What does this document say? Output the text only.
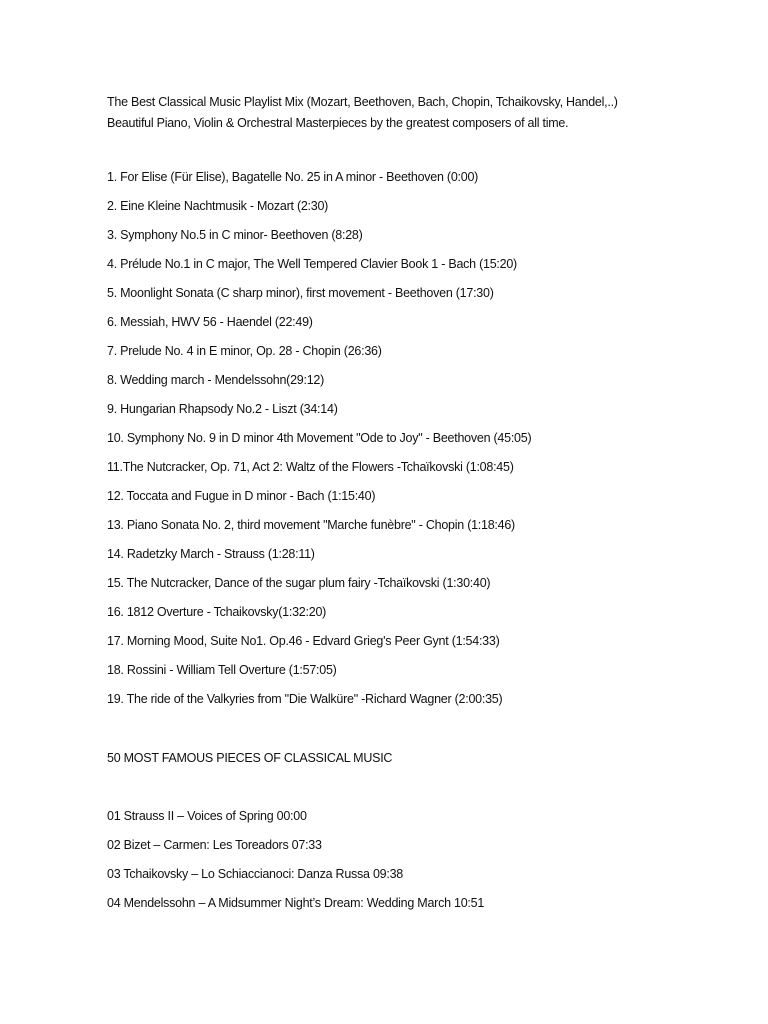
The Best Classical Music Playlist Mix (Mozart, Beethoven, Bach, Chopin, Tchaikovsky, Handel,..)

Beautiful Piano, Violin & Orchestral Masterpieces by the greatest composers of all time.

1. For Elise (Für Elise), Bagatelle No. 25 in A minor - Beethoven (0:00)
2. Eine Kleine Nachtmusik - Mozart (2:30)
3. Symphony No.5 in C minor- Beethoven (8:28)
4. Prélude No.1 in C major, The Well Tempered Clavier Book 1 - Bach (15:20)
5. Moonlight Sonata (C sharp minor), first movement - Beethoven (17:30)
6. Messiah, HWV 56 - Haendel (22:49)
7. Prelude No. 4 in E minor, Op. 28 - Chopin (26:36)
8. Wedding march - Mendelssohn(29:12)
9. Hungarian Rhapsody No.2 - Liszt (34:14)
10. Symphony No. 9 in D minor 4th Movement "Ode to Joy" - Beethoven (45:05)
11.The Nutcracker, Op. 71, Act 2: Waltz of the Flowers -Tchaïkovski (1:08:45)
12. Toccata and Fugue in D minor - Bach (1:15:40)
13. Piano Sonata No. 2, third movement "Marche funèbre" - Chopin (1:18:46)
14. Radetzky March - Strauss (1:28:11)
15. The Nutcracker, Dance of the sugar plum fairy -Tchaïkovski (1:30:40)
16. 1812 Overture - Tchaikovsky(1:32:20)
17. Morning Mood, Suite No1. Op.46 - Edvard Grieg's Peer Gynt (1:54:33)
18. Rossini - William Tell Overture (1:57:05)
19. The ride of the Valkyries from "Die Walküre" -Richard Wagner (2:00:35)
50 MOST FAMOUS PIECES OF CLASSICAL MUSIC
01 Strauss II – Voices of Spring 00:00
02 Bizet – Carmen: Les Toreadors 07:33
03 Tchaikovsky – Lo Schiaccianoci: Danza Russa 09:38
04 Mendelssohn – A Midsummer Night’s Dream: Wedding March 10:51
